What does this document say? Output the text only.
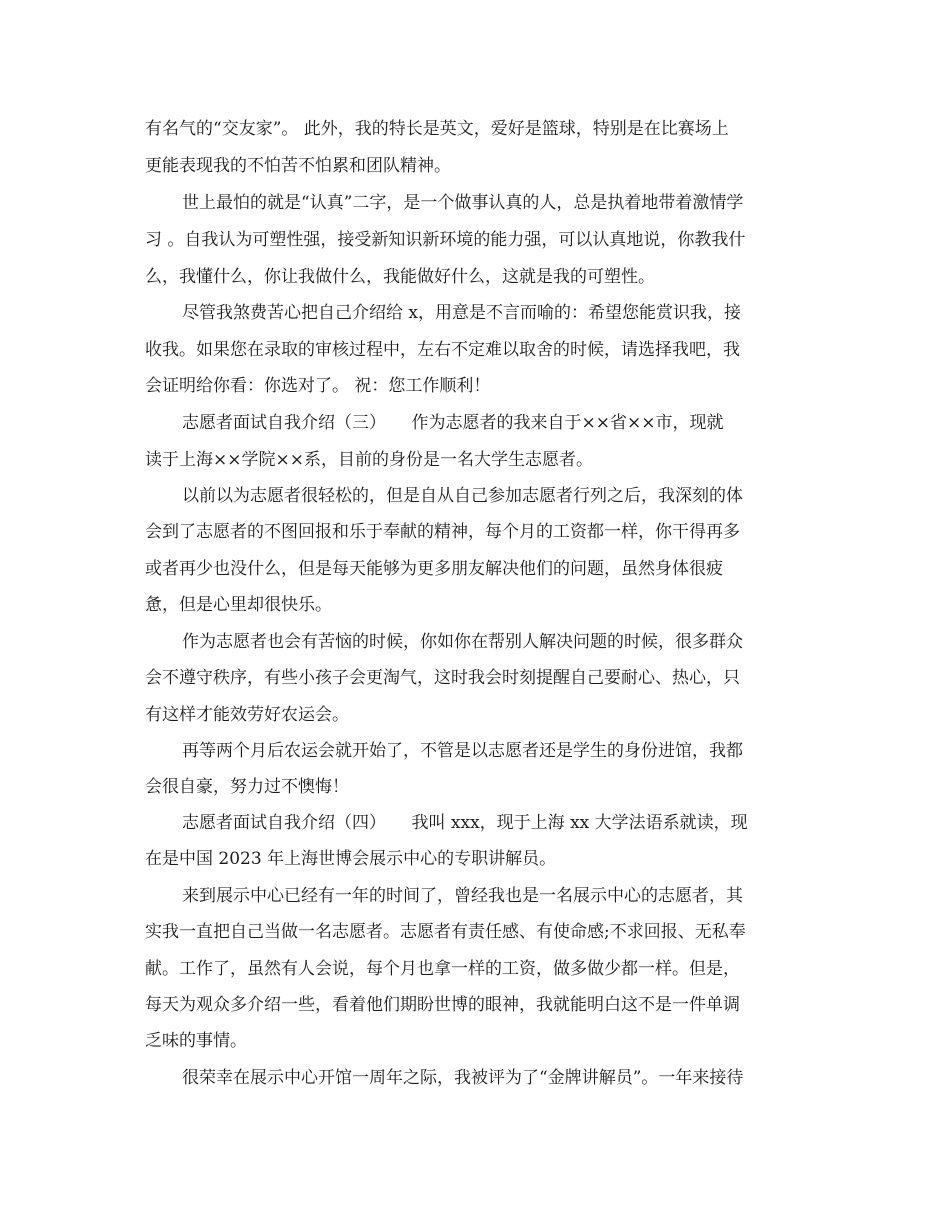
有名气的“交友家”。 此外，我的特长是英文，爱好是篮球，特别是在比赛场上

更能表现我的不怕苦不怕累和团队精神。

世上最怕的就是“认真”二字，是一个做事认真的人，总是执着地带着激情学

习 。自我认为可塑性强，接受新知识新环境的能力强，可以认真地说，你教我什

么，我懂什么，你让我做什么，我能做好什么，这就是我的可塑性。

尽管我煞费苦心把自己介绍给 x，用意是不言而喻的：希望您能赏识我，接

收我。如果您在录取的审核过程中，左右不定难以取舍的时候，请选择我吧，我

会证明给你看：你选对了。 祝：您工作顺利！

志愿者面试自我介绍（三）　　作为志愿者的我来自于××省××市，现就

读于上海××学院××系，目前的身份是一名大学生志愿者。

以前以为志愿者很轻松的，但是自从自己参加志愿者行列之后，我深刻的体

会到了志愿者的不图回报和乐于奉献的精神，每个月的工资都一样，你干得再多

或者再少也没什么，但是每天能够为更多朋友解决他们的问题，虽然身体很疲

惫，但是心里却很快乐。

作为志愿者也会有苦恼的时候，你如你在帮别人解决问题的时候，很多群众

会不遵守秩序，有些小孩子会更淘气，这时我会时刻提醒自己要耐心、热心，只

有这样才能效劳好农运会。

再等两个月后农运会就开始了，不管是以志愿者还是学生的身份进馆，我都

会很自豪，努力过不懊悔！

志愿者面试自我介绍（四）　　我叫 xxx，现于上海 xx 大学法语系就读，现

在是中国 2023 年上海世博会展示中心的专职讲解员。

来到展示中心已经有一年的时间了，曾经我也是一名展示中心的志愿者，其

实我一直把自己当做一名志愿者。志愿者有责任感、有使命感;不求回报、无私奉

献。工作了，虽然有人会说，每个月也拿一样的工资，做多做少都一样。但是，

每天为观众多介绍一些，看着他们期盼世博的眼神，我就能明白这不是一件单调

乏味的事情。

很荣幸在展示中心开馆一周年之际，我被评为了“金牌讲解员”。一年来接待
